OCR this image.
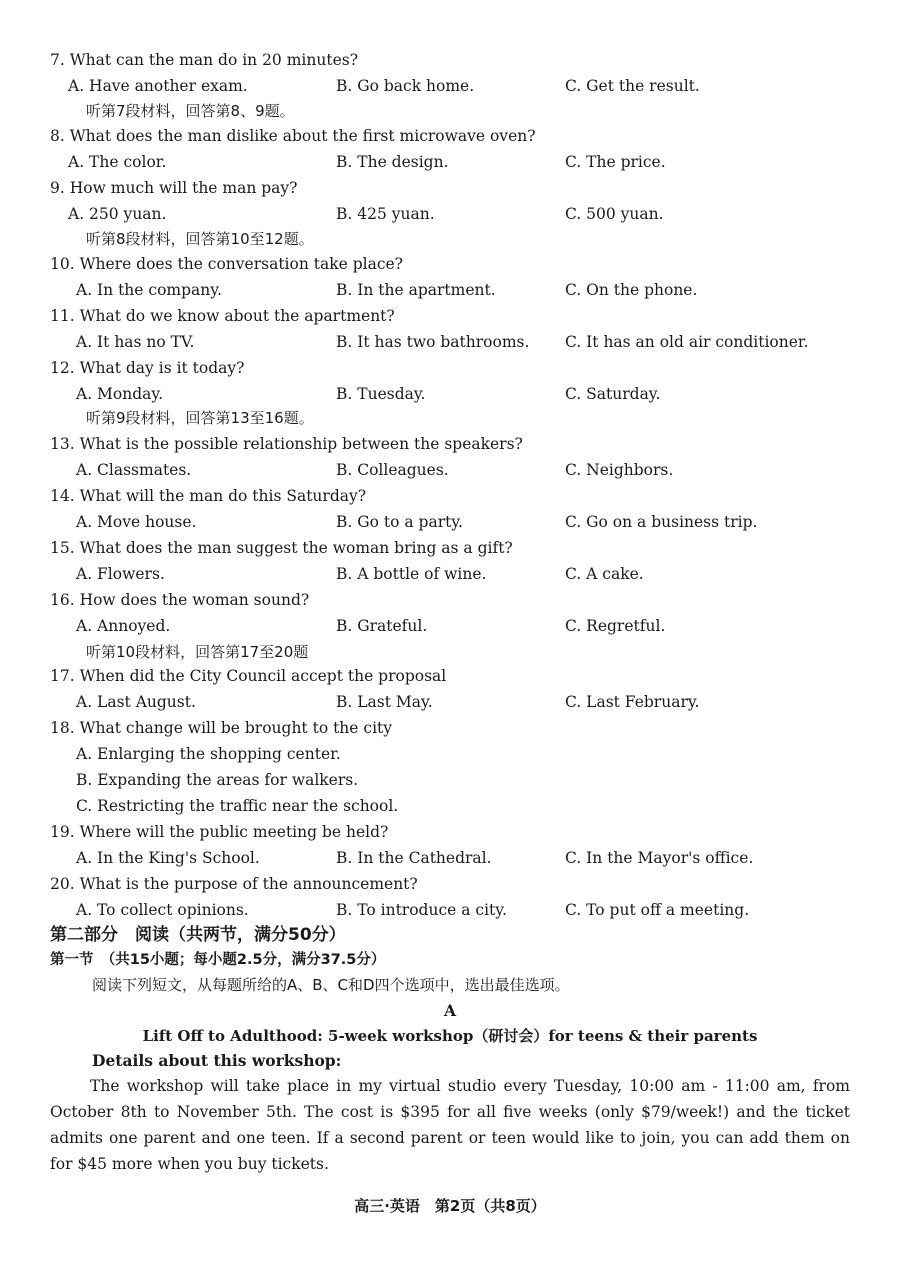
7. What can the man do in 20 minutes?
A. Have another exam.	B. Go back home.	C. Get the result.
听第7段材料，回答第8、9题。
8. What does the man dislike about the first microwave oven?
A. The color.	B. The design.	C. The price.
9. How much will the man pay?
A. 250 yuan.	B. 425 yuan.	C. 500 yuan.
听第8段材料，回答第10至12题。
10. Where does the conversation take place?
A. In the company.	B. In the apartment.	C. On the phone.
11. What do we know about the apartment?
A. It has no TV.	B. It has two bathrooms. C. It has an old air conditioner.
12. What day is it today?
A. Monday.	B. Tuesday.	C. Saturday.
听第9段材料，回答第13至16题。
13. What is the possible relationship between the speakers?
A. Classmates.	B. Colleagues.	C. Neighbors.
14. What will the man do this Saturday?
A. Move house.	B. Go to a party.	C. Go on a business trip.
15. What does the man suggest the woman bring as a gift?
A. Flowers.	B. A bottle of wine.	C. A cake.
16. How does the woman sound?
A. Annoyed.	B. Grateful.	C. Regretful.
听第10段材料，回答第17至20题
17. When did the City Council accept the proposal
A. Last August.	B. Last May.	C. Last February.
18. What change will be brought to the city
A. Enlarging the shopping center.
B. Expanding the areas for walkers.
C. Restricting the traffic near the school.
19. Where will the public meeting be held?
A. In the King's School.	B. In the Cathedral.	C. In the Mayor's office.
20. What is the purpose of the announcement?
A. To collect opinions.	B. To introduce a city.	C. To put off a meeting.
第二部分　阅读（共两节，满分50分）
第一节　（共15小题；每小题2.5分，满分37.5分）
阅读下列短文，从每题所给的A、B、C和D四个选项中，选出最佳选项。
A
Lift Off to Adulthood: 5-week workshop（研讨会）for teens & their parents
Details about this workshop:
The workshop will take place in my virtual studio every Tuesday, 10:00 am - 11:00 am, from October 8th to November 5th. The cost is $395 for all five weeks (only $79/week!) and the ticket admits one parent and one teen. If a second parent or teen would like to join, you can add them on for $45 more when you buy tickets.
高三·英语　第2页（共8页）
